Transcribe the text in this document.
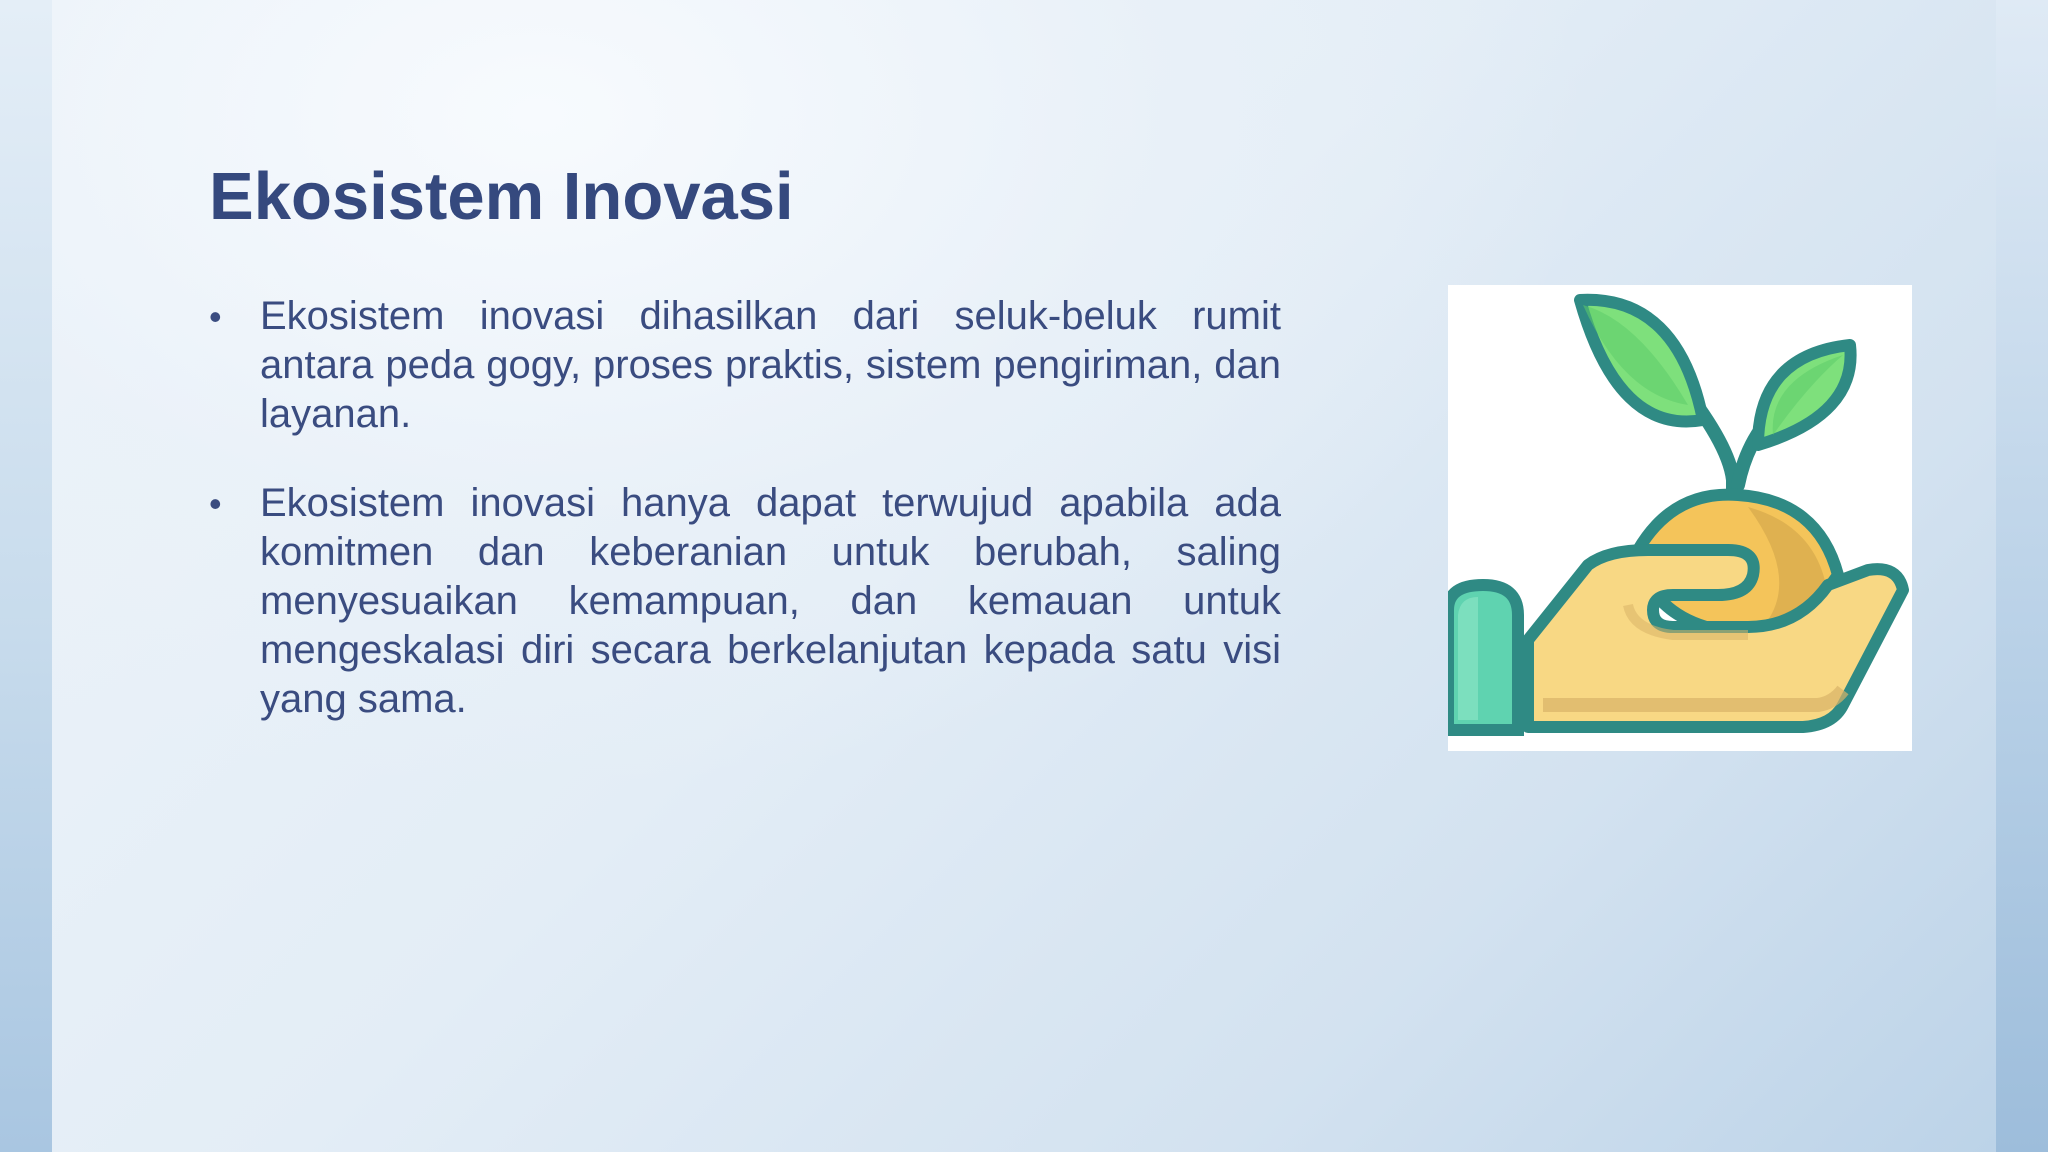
Ekosistem Inovasi
• Ekosistem inovasi dihasilkan dari seluk-beluk rumit antara peda gogy, proses praktis, sistem pengiriman, dan layanan.
• Ekosistem inovasi hanya dapat terwujud apabila ada komitmen dan keberanian untuk berubah, saling menyesuaikan kemampuan, dan kemauan untuk mengeskalasi diri secara berkelanjutan kepada satu visi yang sama.
